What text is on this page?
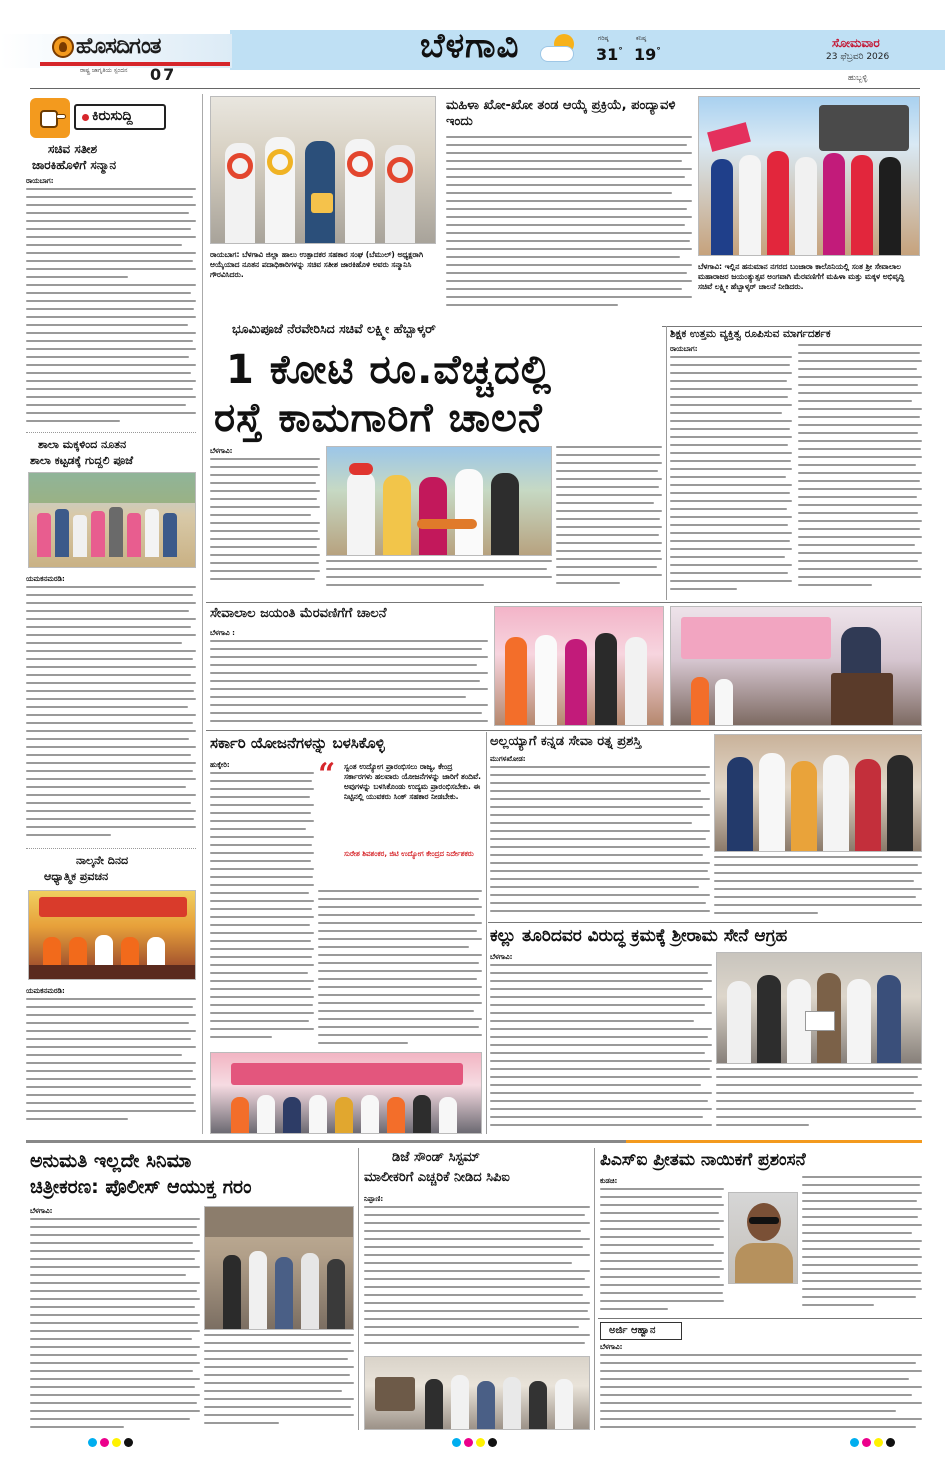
ಹೊಸದಿಗಂತ
ರಾಷ್ಟ್ರ ಜಾಗೃತಿಯ ಸ್ಪಂದನ 07
ಬೆಳಗಾವಿ	ಗರಿಷ್ಠ
31°
ಕನಿಷ್ಠ
19°
ಸೋಮವಾರ
23 ಫೆಬ್ರವರಿ 2026
ಹುಬ್ಬಳ್ಳಿ
ಕಿರುಸುದ್ದಿ
ಸಚಿವ ಸತೀಶ
ಜಾರಕಿಹೊಳಿಗೆ ಸನ್ಮಾನ
ರಾಯಬಾಗ:
ಶಾಲಾ ಮಕ್ಕಳಿಂದ ನೂತನ
ಶಾಲಾ ಕಟ್ಟಡಕ್ಕೆ ಗುದ್ದಲಿ ಪೂಜೆ
ಯಮಕನಮರಡಿ:
ನಾಲ್ಕನೇ ದಿನದ
ಆಧ್ಯಾತ್ಮಿಕ ಪ್ರವಚನ
ಯಮಕನಮರಡಿ:
ರಾಯಬಾಗ: ಬೆಳಗಾವಿ ಜಿಲ್ಲಾ ಹಾಲು ಉತ್ಪಾದಕರ ಸಹಕಾರ ಸಂಘ (ಬೆಮುಲ್) ಅಧ್ಯಕ್ಷರಾಗಿ ಆಯ್ಕೆಯಾದ ನೂತನ ಪದಾಧಿಕಾರಿಗಳನ್ನು ಸಚಿವ ಸತೀಶ ಜಾರಕಿಹೊಳಿ ಅವರು ಸನ್ಮಾನಿಸಿ ಗೌರವಿಸಿದರು.
ಮಹಿಳಾ ಖೋ-ಖೋ ತಂಡ ಆಯ್ಕೆ ಪ್ರಕ್ರಿಯೆ, ಪಂದ್ಯಾವಳಿ ಇಂದು
ಬೆಳಗಾವಿ: ಇಲ್ಲಿನ ಹನುಮಾನ ನಗರದ ಬಂಜಾರಾ ಕಾಲೊನಿಯಲ್ಲಿ ಸಂತ ಶ್ರೀ ಸೇವಾಲಾಲ ಮಹಾರಾಜರ ಜಯಂತ್ಯುತ್ಸವ ಅಂಗವಾಗಿ ಮೆರವಣಿಗೆಗೆ ಮಹಿಳಾ ಮತ್ತು ಮಕ್ಕಳ ಅಭಿವೃದ್ಧಿ ಸಚಿವೆ ಲಕ್ಷ್ಮೀ ಹೆಬ್ಬಾಳ್ಕರ್ ಚಾಲನೆ ನೀಡಿದರು.
ಭೂಮಿಪೂಜೆ ನೆರವೇರಿಸಿದ ಸಚಿವೆ ಲಕ್ಷ್ಮೀ ಹೆಬ್ಬಾಳ್ಕರ್
1 ಕೋಟಿ ರೂ.ವೆಚ್ಚದಲ್ಲಿ
ರಸ್ತೆ ಕಾಮಗಾರಿಗೆ ಚಾಲನೆ
ಬೆಳಗಾವಿ:
ಶಿಕ್ಷಕ ಉತ್ತಮ ವ್ಯಕ್ತಿತ್ವ ರೂಪಿಸುವ ಮಾರ್ಗದರ್ಶಕ
ರಾಯಬಾಗ:
ಸೇವಾಲಾಲ ಜಯಂತಿ ಮೆರವಣಿಗೆಗೆ ಚಾಲನೆ
ಬೆಳಗಾವಿ :
ಸರ್ಕಾರಿ ಯೋಜನೆಗಳನ್ನು ಬಳಸಿಕೊಳ್ಳಿ
ಹುಕ್ಕೇರಿ:	“ ಸ್ವಂತ ಉದ್ಯೋಗ ಪ್ರಾರಂಭಿಸಲು ರಾಜ್ಯ, ಕೇಂದ್ರ ಸರ್ಕಾರಗಳು ಹಲವಾರು ಯೋಜನೆಗಳನ್ನು ಜಾರಿಗೆ ತಂದಿವೆ. ಅವುಗಳನ್ನು ಬಳಸಿಕೊಂಡು ಉದ್ಯಮ ಪ್ರಾರಂಭಿಸಬೇಕು. ಈ ನಿಟ್ಟಿನಲ್ಲಿ ಯುವಕರು ಸಿಂಕ್ ಸಹಕಾರ ನೀಡಬೇಕು.
ಸುರೇಶ ಶಿವಶಂಕರ, ಜಿಟಿ ಉದ್ಯೋಗ ಕೇಂದ್ರದ ನಿರ್ದೇಶಕರು
ಅಲ್ಲಯ್ಯಾಗೆ ಕನ್ನಡ ಸೇವಾ ರತ್ನ ಪ್ರಶಸ್ತಿ
ಮುಗಳಖೋಡ:
ಕಲ್ಲು ತೂರಿದವರ ವಿರುದ್ಧ ಕ್ರಮಕ್ಕೆ ಶ್ರೀರಾಮ ಸೇನೆ ಆಗ್ರಹ
ಬೆಳಗಾವಿ:
ಅನುಮತಿ ಇಲ್ಲದೇ ಸಿನಿಮಾ
ಚಿತ್ರೀಕರಣ: ಪೊಲೀಸ್ ಆಯುಕ್ತ ಗರಂ
ಬೆಳಗಾವಿ:
ಡಿಜೆ ಸೌಂಡ್ ಸಿಸ್ಟಮ್
ಮಾಲೀಕರಿಗೆ ಎಚ್ಚರಿಕೆ ನೀಡಿದ ಸಿಪಿಐ
ನಿಪ್ಪಾಣಿ:
ಪಿಎಸ್‌ಐ ಪ್ರೀತಮ ನಾಯಿಕಗೆ ಪ್ರಶಂಸನೆ
ಕುಡಚಿ:
ಅರ್ಜಿ ಆಹ್ವಾನ
ಬೆಳಗಾವಿ:
